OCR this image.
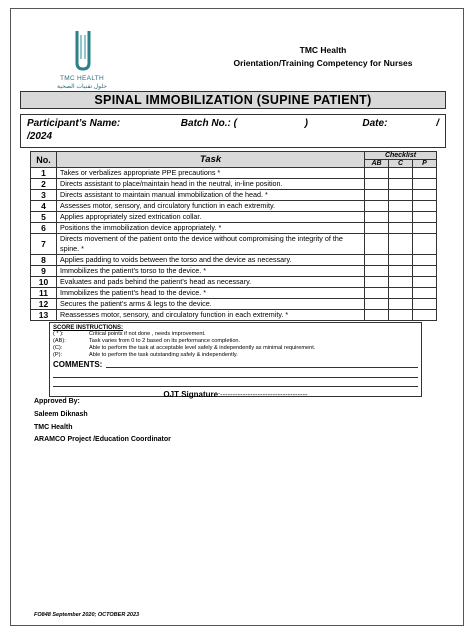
TMC HEALTH
حلول تقنيات الصحية
TMC Health
Orientation/Training Competency for Nurses
SPINAL IMMOBILIZATION (SUPINE PATIENT)
Participant’s Name:	Batch No.: (	)	Date:	/
/2024
No.	Task	Checklist		
		AB	C	P
1	Takes or verbalizes appropriate PPE precautions *			
2	Directs assistant to place/maintain head in the neutral, in-line position.			
3	Directs assistant to maintain manual immobilization of the head. *			
4	Assesses motor, sensory, and circulatory function in each extremity.			
5	Applies appropriately sized extrication collar.			
6	Positions the immobilization device appropriately. *			
7	Directs movement of the patient onto the device without compromising the integrity of the spine. *			
8	Applies padding to voids between the torso and the device as necessary.			
9	Immobilizes the patient’s torso to the device. *			
10	Evaluates and pads behind the patient’s head as necessary.			
11	Immobilizes the patient’s head to the device. *			
12	Secures the patient’s arms & legs to the device.			
13	Reassesses motor, sensory, and circulatory function in each extremity. *			
SCORE INSTRUCTIONS:
( * ):	Critical points if not done , needs improvement.
(AB):	Task varies from 0 to 2 based on its performance completion.
(C):	Able to perform the task at acceptable level safely & independently as minimal requirement.
(P):	Able to perform the task outstanding safely & independently.
COMMENTS:
OJT Signature:-----------------------------------
Approved By:
Saleem Diknash
TMC Health
ARAMCO Project /Education Coordinator
FO848 September 2020; OCTOBER 2023
